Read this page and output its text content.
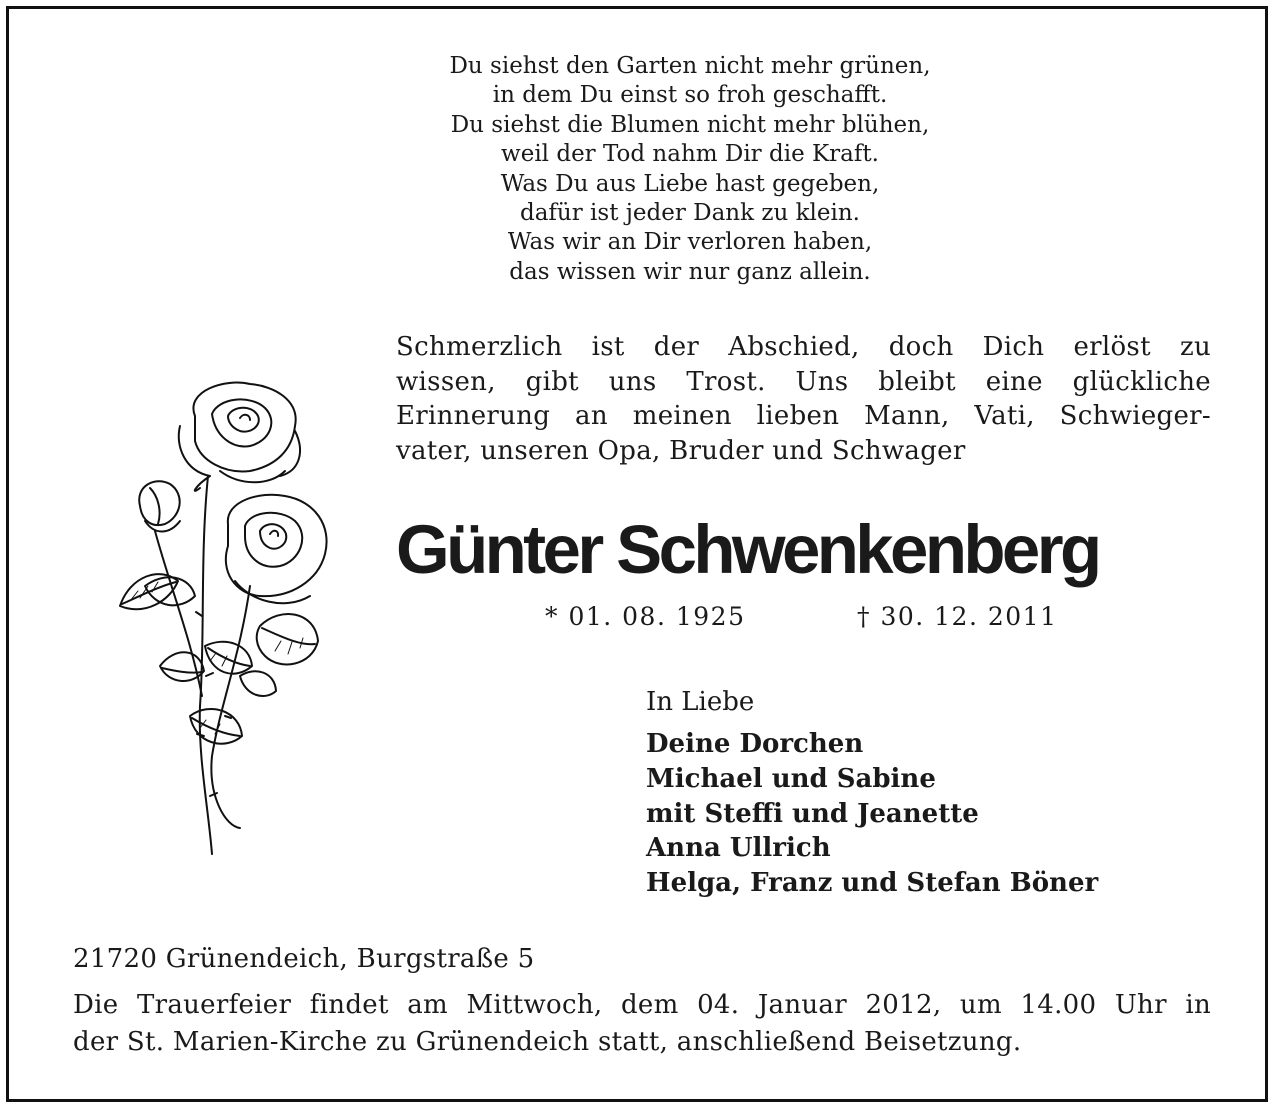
Du siehst den Garten nicht mehr grünen,
in dem Du einst so froh geschafft.
Du siehst die Blumen nicht mehr blühen,
weil der Tod nahm Dir die Kraft.
Was Du aus Liebe hast gegeben,
dafür ist jeder Dank zu klein.
Was wir an Dir verloren haben,
das wissen wir nur ganz allein.
Schmerzlich ist der Abschied, doch Dich erlöst zu
wissen, gibt uns Trost. Uns bleibt eine glückliche
Erinnerung an meinen lieben Mann, Vati, Schwieger-
vater, unseren Opa, Bruder und Schwager
Günter Schwenkenberg
* 01. 08. 1925	† 30. 12. 2011
In Liebe
Deine Dorchen
Michael und Sabine
mit Steffi und Jeanette
Anna Ullrich
Helga, Franz und Stefan Böner
21720 Grünendeich, Burgstraße 5
Die Trauerfeier findet am Mittwoch, dem 04. Januar 2012, um 14.00 Uhr in
der St. Marien-Kirche zu Grünendeich statt, anschließend Beisetzung.
